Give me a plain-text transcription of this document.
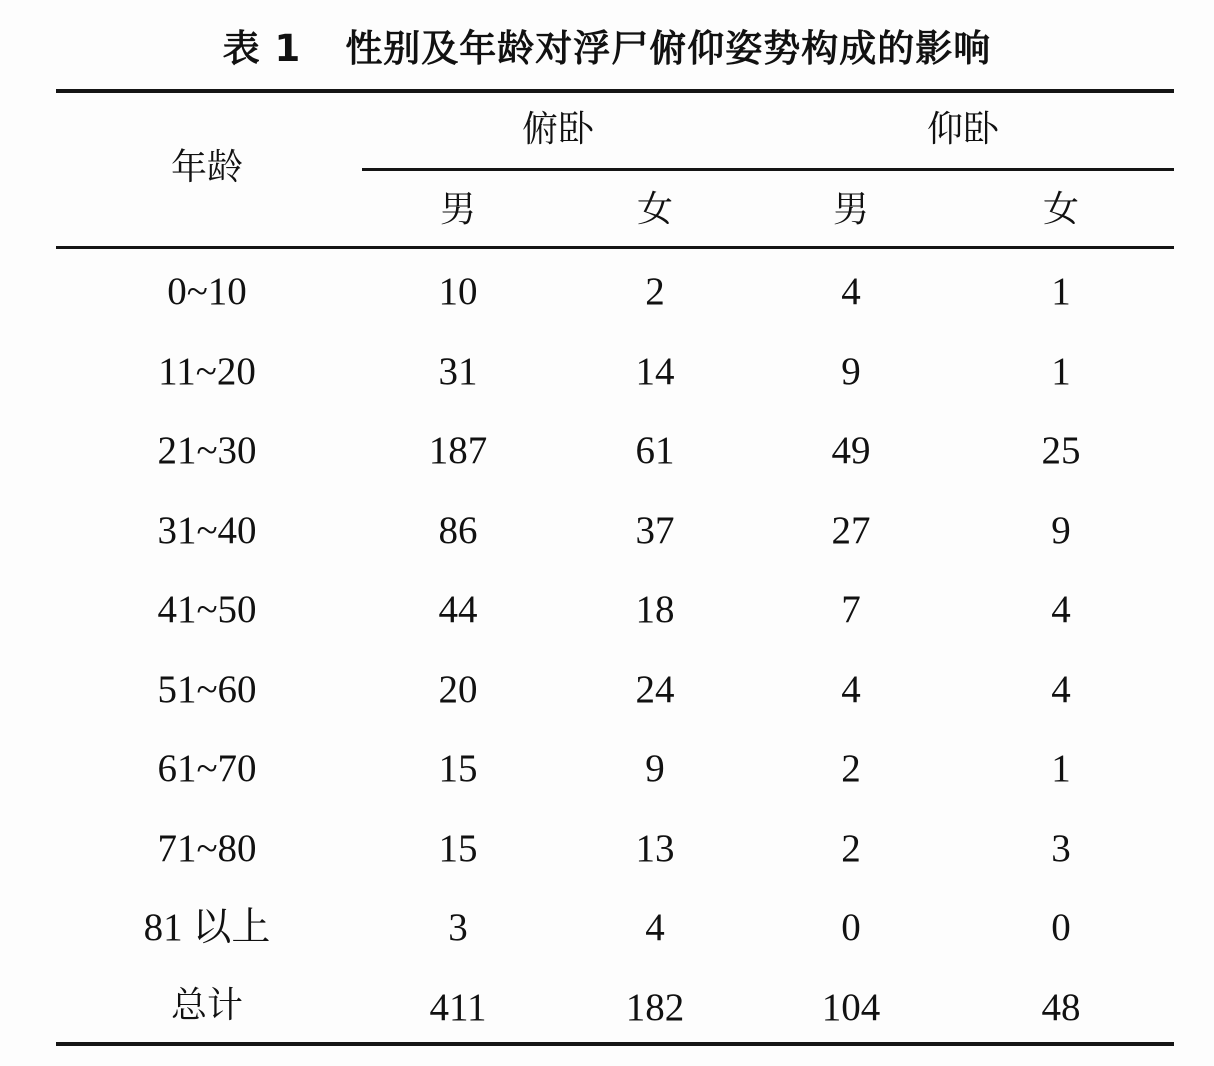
表 1 性别及年龄对浮尸俯仰姿势构成的影响
年龄
俯卧	仰卧
男	女	男	女
0~10	10	2	4	1
11~20	31	14	9	1
21~30	187	61	49	25
31~40	86	37	27	9
41~50	44	18	7	4
51~60	20	24	4	4
61~70	15	9	2	1
71~80	15	13	2	3
81 以上	3	4	0	0
总计	411	182	104	48
